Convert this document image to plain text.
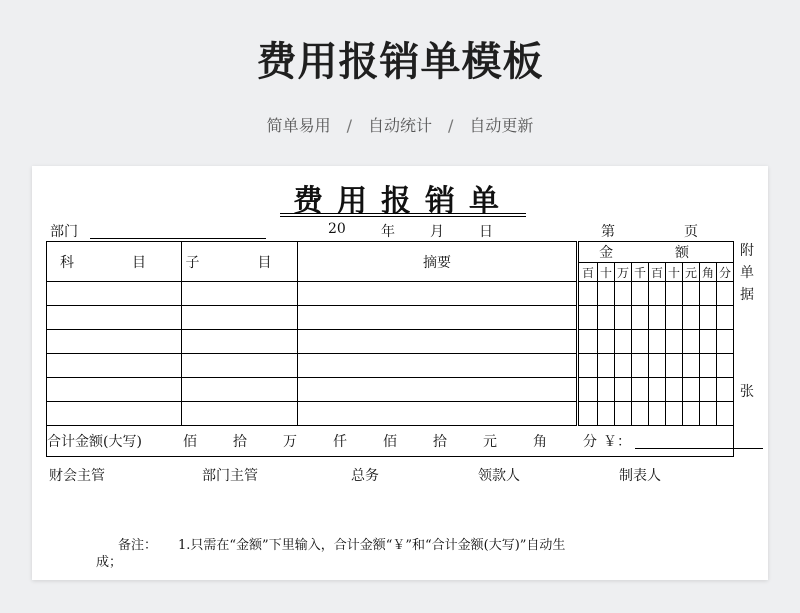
费用报销单模板
简单易用 / 自动统计 / 自动更新
费用报销单
部门	20	年	月	日	第	页
科　目	子　目	摘要	金　额								
			百	十	万	千	百	十	元	角	分

合计金额(大写) 佰 拾 万 仟 佰 拾 元 角 分 ￥：											
附
单
据
张
财会主管	部门主管	总务	领款人	制表人
备注： 1.只需在“金额”下里输入，合计金额“￥”和“合计金额(大写)”自动生
成；
